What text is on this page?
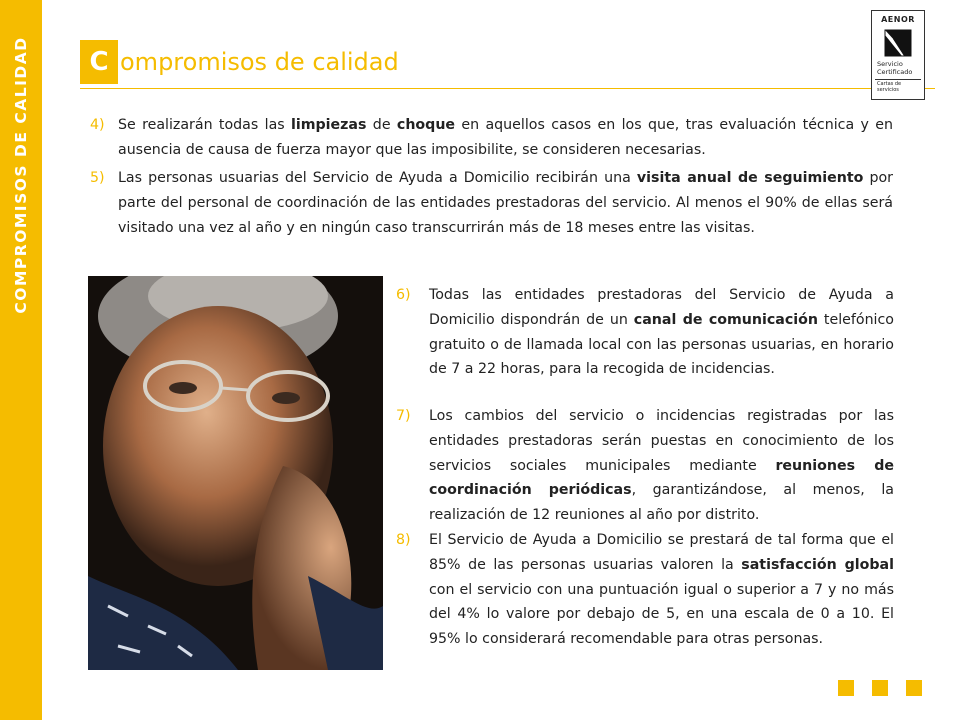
COMPROMISOS DE CALIDAD	C ompromisos de calidad
AENOR
Servicio
Certificado
Cartas de servicios
4) Se realizarán todas las limpiezas de choque en aquellos casos en los que, tras evaluación técnica y en ausencia de causa de fuerza mayor que las imposibilite, se consideren necesarias.
5) Las personas usuarias del Servicio de Ayuda a Domicilio recibirán una visita anual de seguimiento por parte del personal de coordinación de las entidades prestadoras del servicio. Al menos el 90% de ellas será visitado una vez al año y en ningún caso transcurrirán más de 18 meses entre las visitas.
6)	Todas las entidades prestadoras del Servicio de Ayuda a Domicilio dispondrán de un canal de comunicación telefónico gratuito o de llamada local con las personas usuarias, en horario de 7 a 22 horas, para la recogida de incidencias.
7)	Los cambios del servicio o incidencias registradas por las entidades prestadoras serán puestas en conocimiento de los servicios sociales municipales mediante reuniones de coordinación periódicas, garantizándose, al menos, la realización de 12 reuniones al año por distrito.
8)	El Servicio de Ayuda a Domicilio se prestará de tal forma que el 85% de las personas usuarias valoren la satisfacción global con el servicio con una puntuación igual o superior a 7 y no más del 4% lo valore por debajo de 5, en una escala de 0 a 10. El 95% lo considerará recomendable para otras personas.
